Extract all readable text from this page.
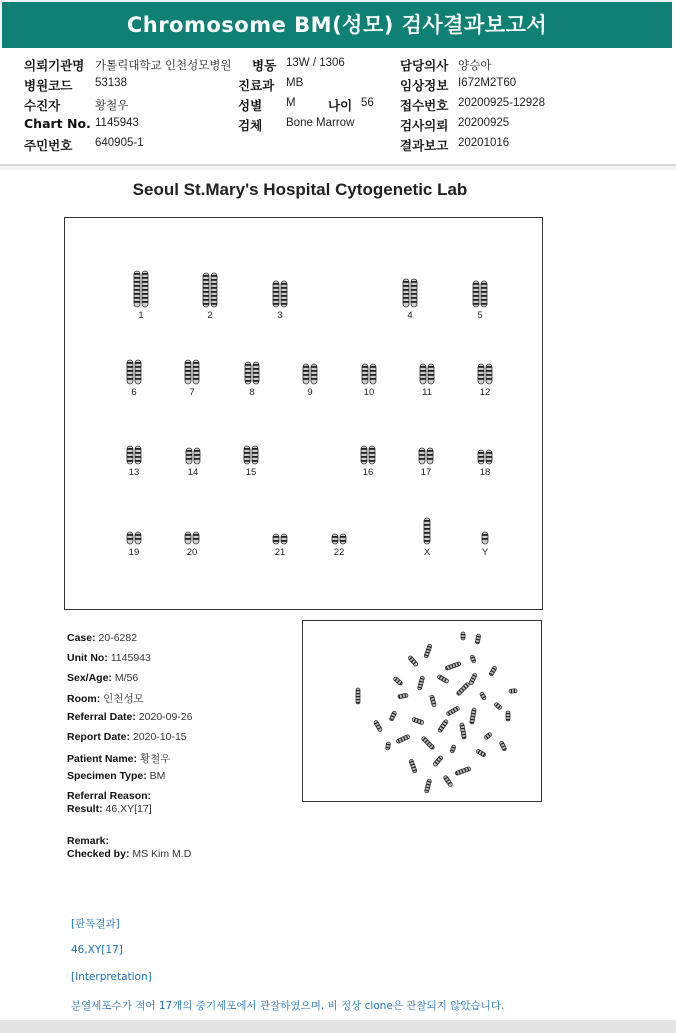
Chromosome BM(성모) 검사결과보고서
의뢰기관명 가톨릭대학교 인천성모병원 병동 13W / 1306	담당의사 양승아
병원코드 53138	진료과 MB	임상정보 I672M2T60
수진자	황철우	성별 M	나이 56 접수번호 20200925-12928
Chart No. 1145943	검체 Bone Marrow	검사의뢰 20200925
주민번호 640905-1	결과보고 20201016
Seoul St.Mary's Hospital Cytogenetic Lab
1	2	3	4	5
6	7	8	9	10	11	12
13	14	15	16	17	18
19	20	21	22	X	Y
Case: 20-6282
Unit No: 1145943
Sex/Age: M/56
Room: 인천성모
Referral Date: 2020-09-26
Report Date: 2020-10-15
Patient Name: 황철우
Specimen Type: BM
Referral Reason:
Result: 46,XY[17]
Remark:
Checked by: MS Kim M.D
[판독결과]
46,XY[17]
[Interpretation]
분열세포수가 적어 17개의 중기세포에서 관찰하였으며, 비 정상 clone은 관찰되지 않았습니다.
